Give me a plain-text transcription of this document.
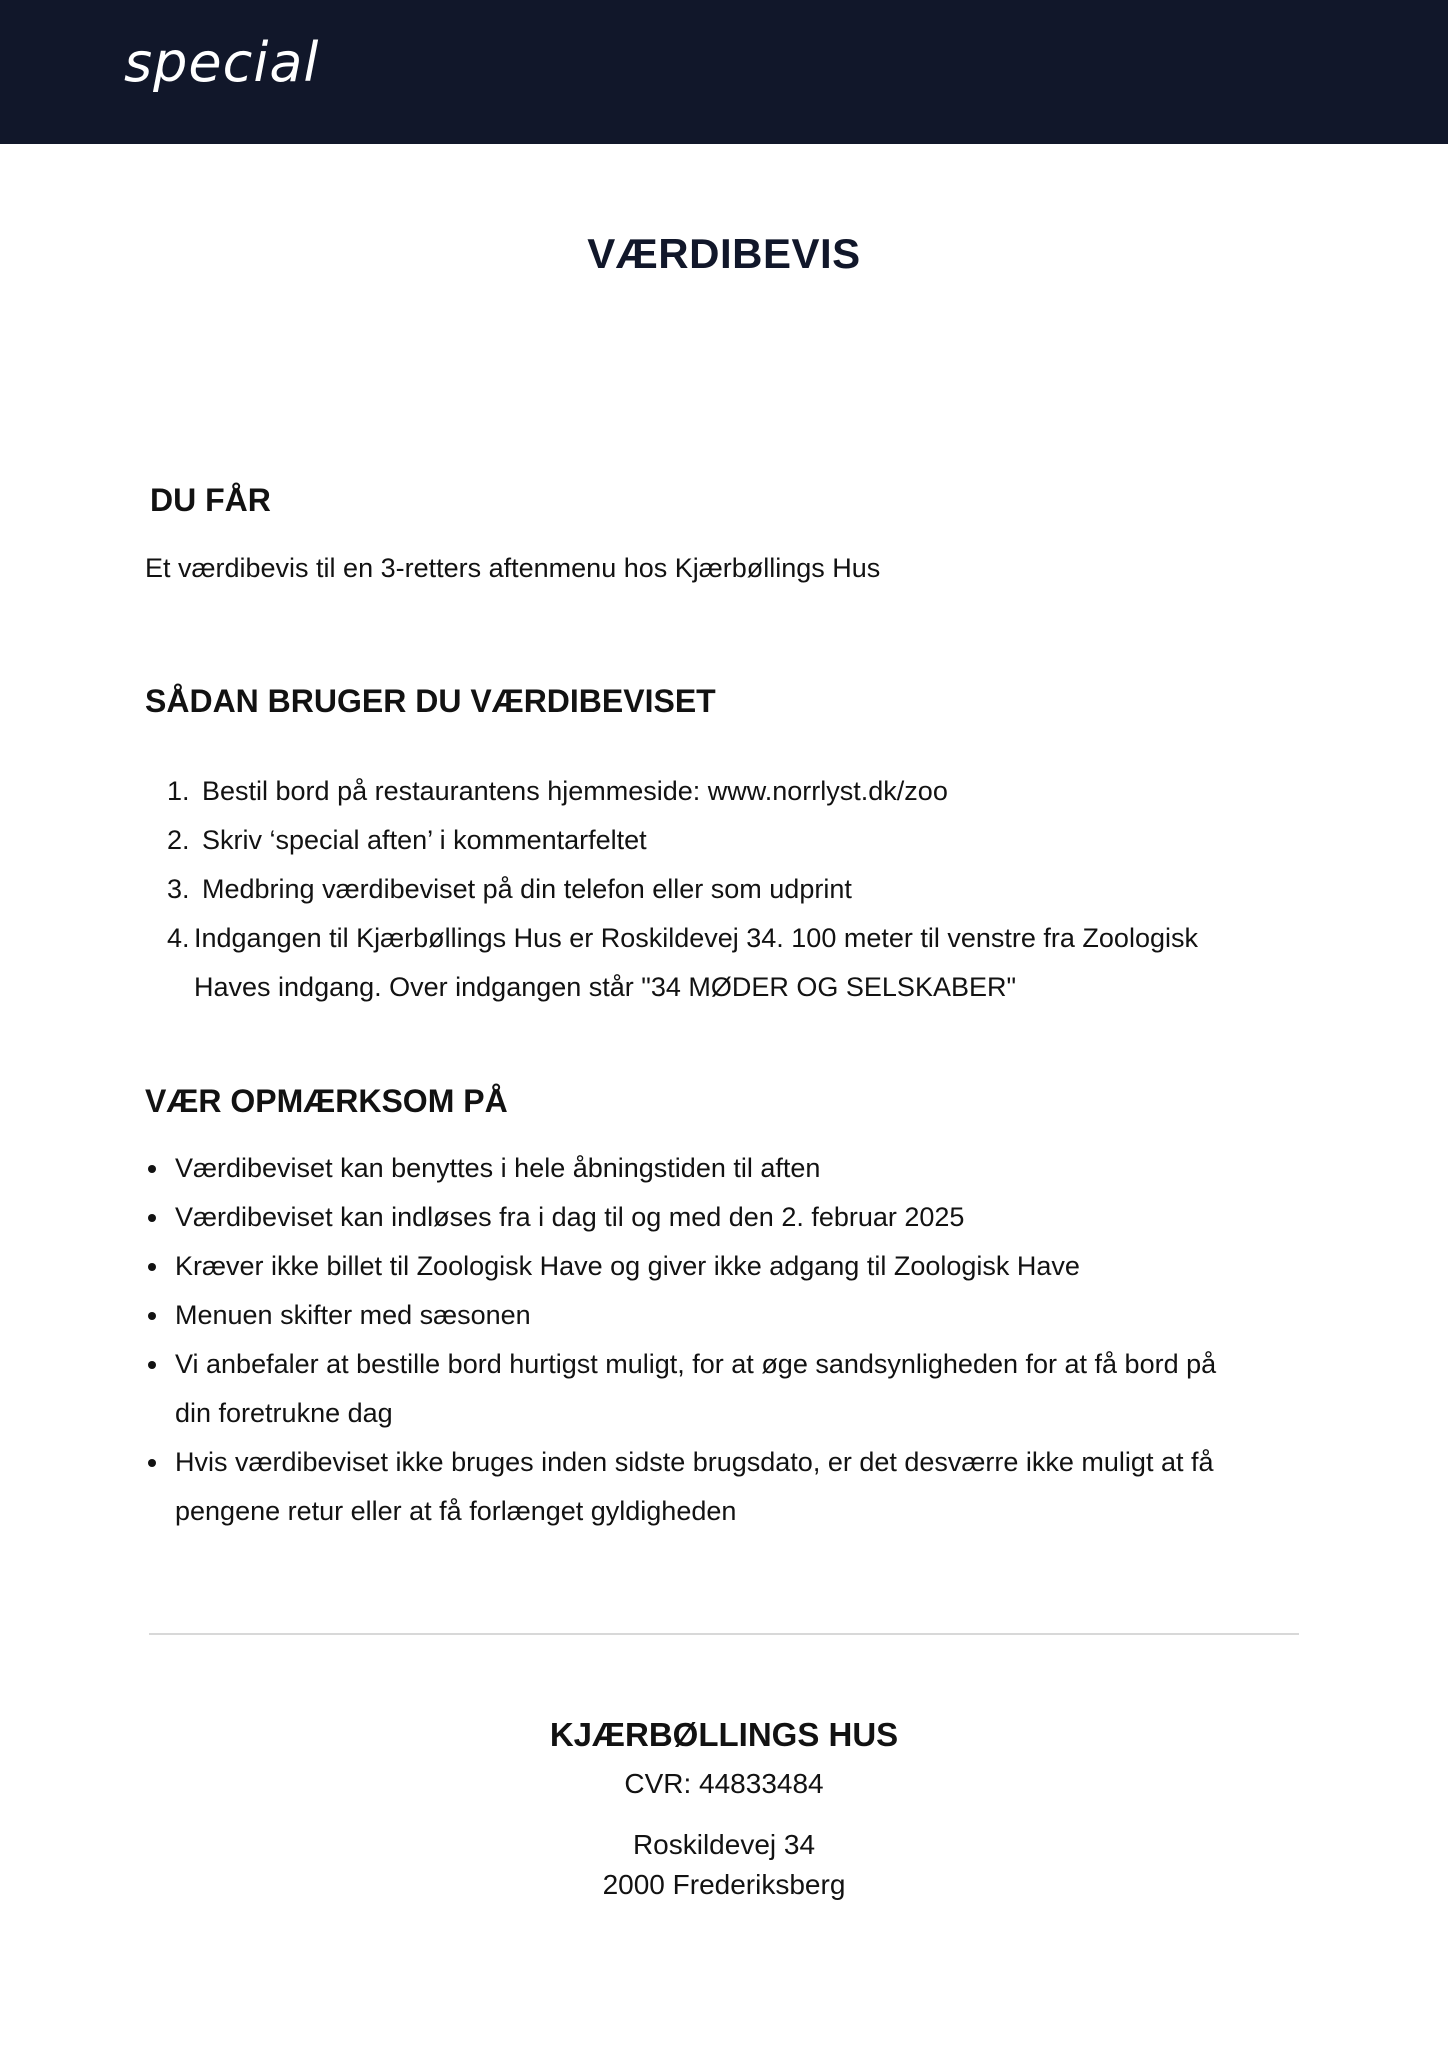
special
VÆRDIBEVIS
DU FÅR
Et værdibevis til en 3-retters aftenmenu hos Kjærbøllings Hus
SÅDAN BRUGER DU VÆRDIBEVISET
1. Bestil bord på restaurantens hjemmeside: www.norrlyst.dk/zoo
2. Skriv ‘special aften’ i kommentarfeltet
3. Medbring værdibeviset på din telefon eller som udprint
4. Indgangen til Kjærbøllings Hus er Roskildevej 34. 100 meter til venstre fra Zoologisk Haves indgang. Over indgangen står "34 MØDER OG SELSKABER"
VÆR OPMÆRKSOM PÅ
Værdibeviset kan benyttes i hele åbningstiden til aften
Værdibeviset kan indløses fra i dag til og med den 2. februar 2025
Kræver ikke billet til Zoologisk Have og giver ikke adgang til Zoologisk Have
Menuen skifter med sæsonen
Vi anbefaler at bestille bord hurtigst muligt, for at øge sandsynligheden for at få bord på din foretrukne dag
Hvis værdibeviset ikke bruges inden sidste brugsdato, er det desværre ikke muligt at få pengene retur eller at få forlænget gyldigheden
KJÆRBØLLINGS HUS
CVR: 44833484
Roskildevej 34
2000 Frederiksberg
